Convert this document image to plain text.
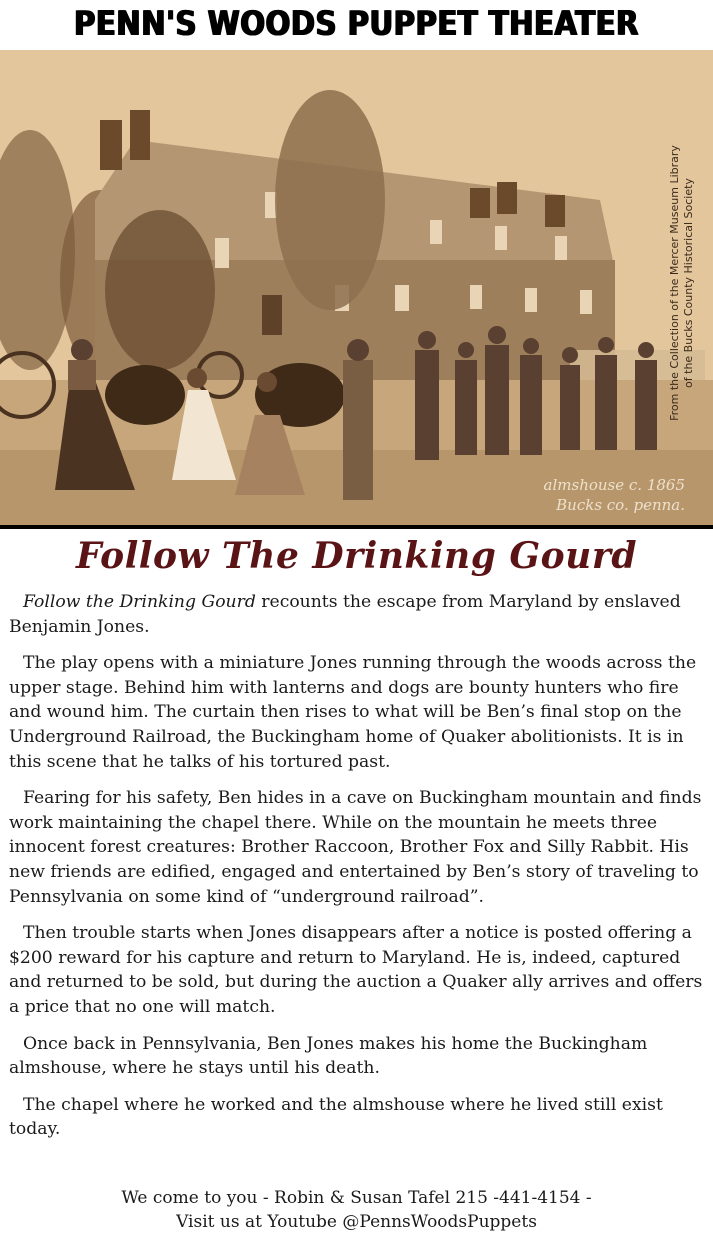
PENN'S WOODS PUPPET THEATER
From the Collection of the Mercer Museum Library of the Bucks County Historical Society
almshouse c. 1865
Bucks co. penna.
Follow The Drinking Gourd

Follow the Drinking Gourd recounts the escape from Maryland by enslaved Benjamin Jones.

The play opens with a miniature Jones running through the woods across the upper stage. Behind him with lanterns and dogs are bounty hunters who fire and wound him. The curtain then rises to what will be Ben’s final stop on the Underground Railroad, the Buckingham home of Quaker abolitionists. It is in this scene that he talks of his tortured past.

Fearing for his safety, Ben hides in a cave on Buckingham mountain and finds work maintaining the chapel there. While on the mountain he meets three innocent forest creatures: Brother Raccoon, Brother Fox and Silly Rabbit. His new friends are edified, engaged and entertained by Ben’s story of traveling to Pennsylvania on some kind of “underground railroad”.

Then trouble starts when Jones disappears after a notice is posted offering a $200 reward for his capture and return to Maryland. He is, indeed, captured and returned to be sold, but during the auction a Quaker ally arrives and offers a price that no one will match.

Once back in Pennsylvania, Ben Jones makes his home the Buckingham almshouse, where he stays until his death.

The chapel where he worked and the almshouse where he lived still exist today.

We come to you - Robin & Susan Tafel 215 -441-4154 -
Visit us at Youtube @PennsWoodsPuppets
